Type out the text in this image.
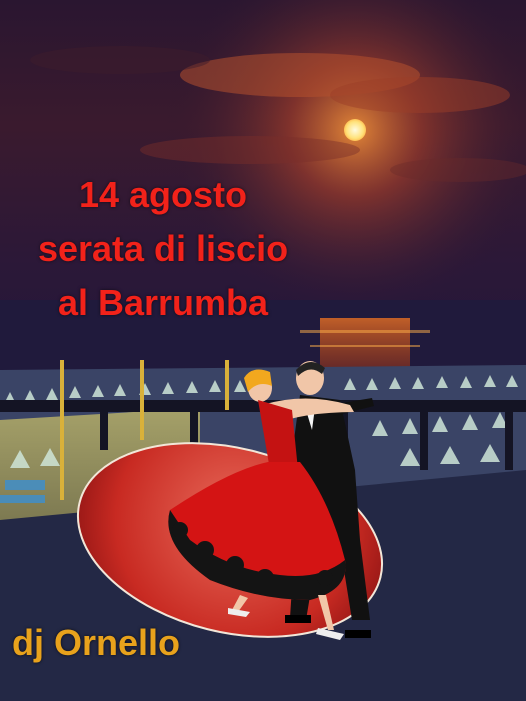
14 agosto
serata di liscio
al Barrumba
dj Ornello
